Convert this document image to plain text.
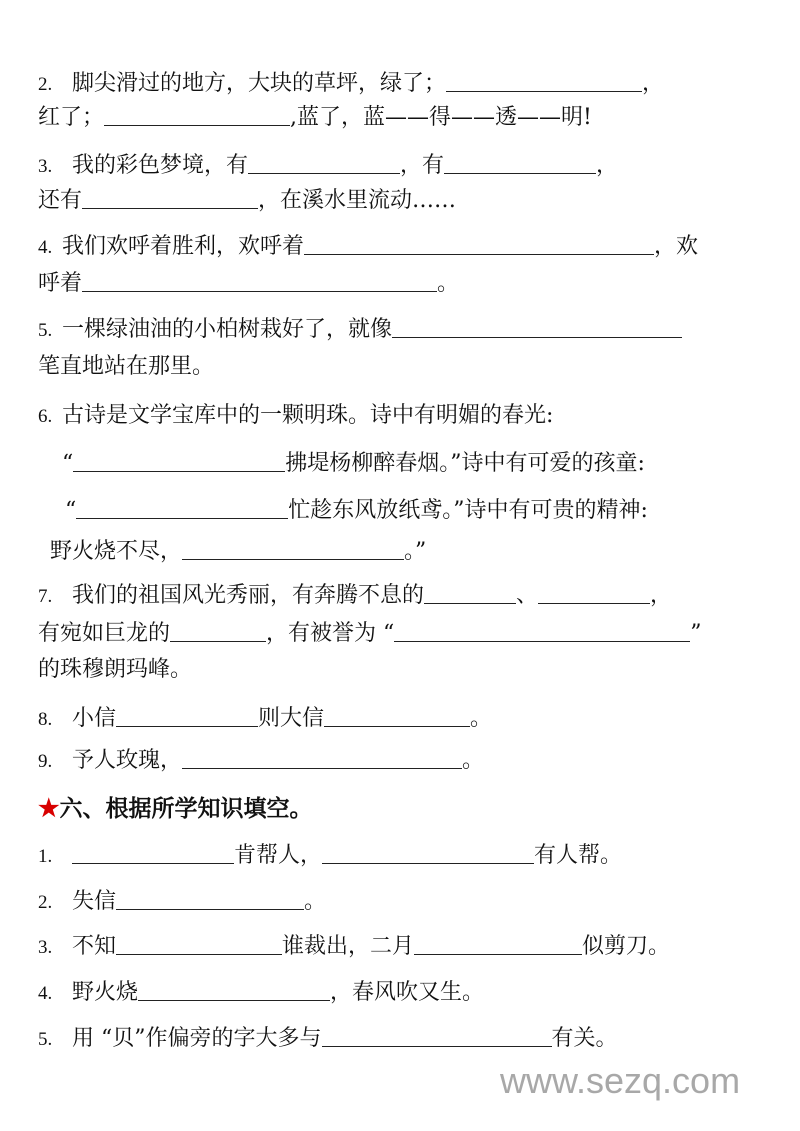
2. 脚尖滑过的地方，大块的草坪，绿了；	，
红了；	,蓝了，蓝——得——透——明!
3. 我的彩色梦境，有	，有	，
还有	，在溪水里流动……
4. 我们欢呼着胜利，欢呼着	，欢
呼着	。
5. 一棵绿油油的小柏树栽好了，就像
笔直地站在那里。
6. 古诗是文学宝库中的一颗明珠。诗中有明媚的春光:
“	拂堤杨柳醉春烟。”诗中有可爱的孩童:
“	忙趁东风放纸鸢。”诗中有可贵的精神:
野火烧不尽，	。”
7. 我们的祖国风光秀丽，有奔腾不息的	、	，
有宛如巨龙的	，有被誉为 “	”
的珠穆朗玛峰。
8. 小信	则大信	。
9. 予人玫瑰，	。
★六、根据所学知识填空。
1.	肯帮人，	有人帮。
2. 失信	。
3. 不知	谁裁出，二月	似剪刀。
4. 野火烧	，春风吹又生。
5. 用 “贝”作偏旁的字大多与	有关。
www.sezq.com
